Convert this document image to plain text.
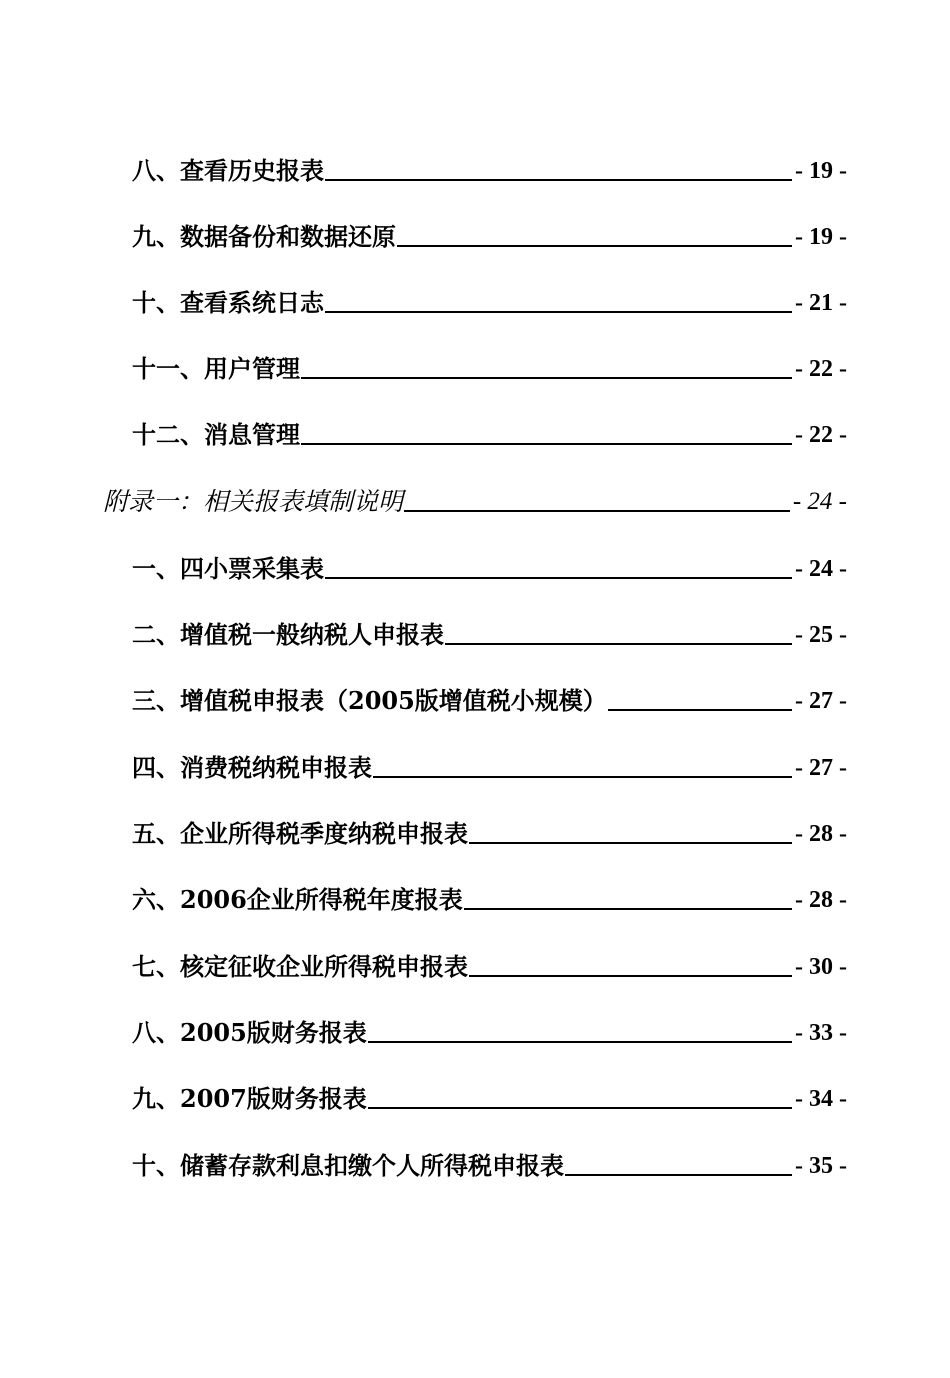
八、查看历史报表	- 19 -
九、数据备份和数据还原	- 19 -
十、查看系统日志	- 21 -
十一、用户管理	- 22 -
十二、消息管理	- 22 -
附录一：相关报表填制说明	- 24 -
一、四小票采集表	- 24 -
二、增值税一般纳税人申报表	- 25 -
三、增值税申报表（2005版增值税小规模）	- 27 -
四、消费税纳税申报表	- 27 -
五、企业所得税季度纳税申报表	- 28 -
六、2006企业所得税年度报表	- 28 -
七、核定征收企业所得税申报表	- 30 -
八、2005版财务报表	- 33 -
九、2007版财务报表	- 34 -
十、储蓄存款利息扣缴个人所得税申报表	- 35 -
